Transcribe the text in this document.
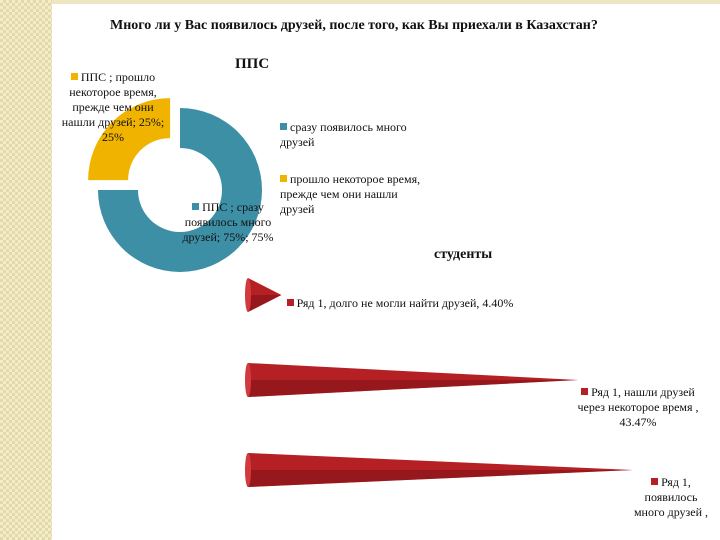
Много ли у Вас появилось друзей, после того, как Вы приехали в Казахстан?
ППС
ППС ; прошло некоторое время, прежде чем они нашли друзей; 25%; 25%
ППС ; сразу появилось много друзей; 75%; 75%
сразу появилось много друзей
прошло некоторое время, прежде чем они нашли друзей
студенты
Ряд 1, долго не могли найти друзей, 4.40%
Ряд 1, нашли друзей через некоторое время , 43.47%
Ряд 1, появилось много друзей ,
